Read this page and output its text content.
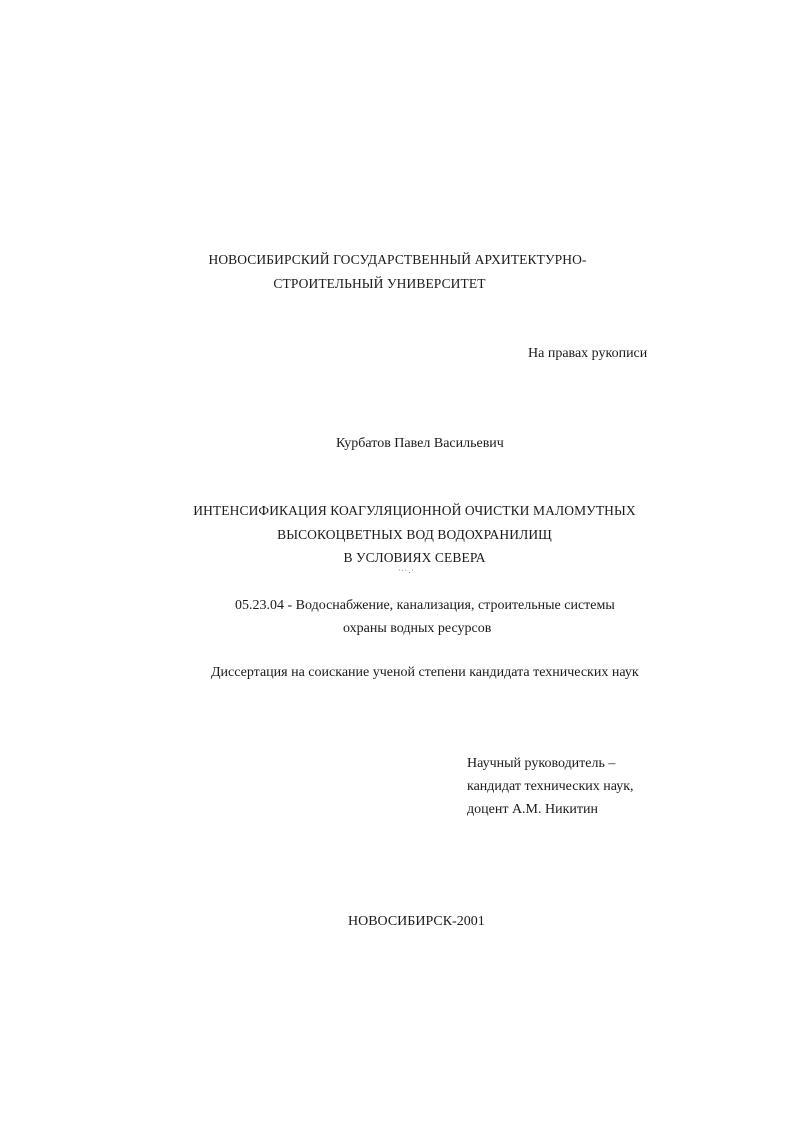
НОВОСИБИРСКИЙ ГОСУДАРСТВЕННЫЙ АРХИТЕКТУРНО-
СТРОИТЕЛЬНЫЙ УНИВЕРСИТЕТ
На правах рукописи
Курбатов Павел Васильевич
ИНТЕНСИФИКАЦИЯ КОАГУЛЯЦИОННОЙ ОЧИСТКИ МАЛОМУТНЫХ
ВЫСОКОЦВЕТНЫХ ВОД ВОДОХРАНИЛИЩ
В УСЛОВИЯХ СЕВЕРА
·∙·.·
05.23.04 - Водоснабжение, канализация, строительные системы
охраны водных ресурсов
Диссертация на соискание ученой степени кандидата технических наук
Научный руководитель –
кандидат технических наук,
доцент А.М. Никитин
НОВОСИБИРСК-2001
